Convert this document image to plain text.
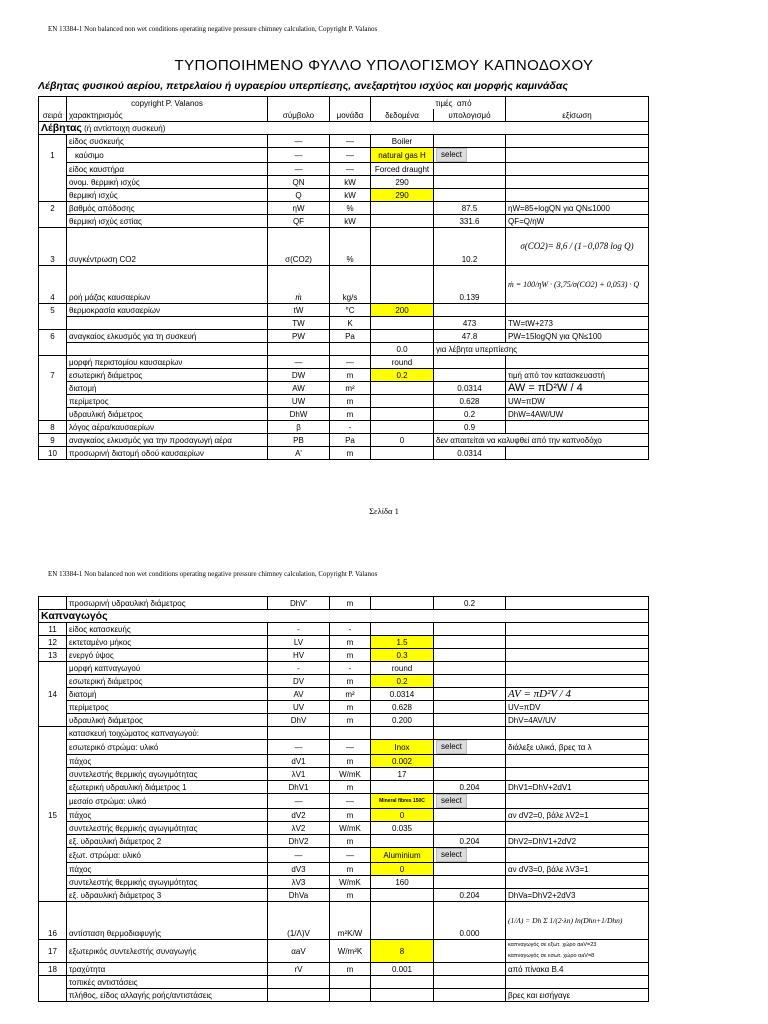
EN 13384-1 Non balanced non wet conditions operating negative pressure chimney calculation, Copyright P. Valanos
ΤΥΠΟΠΟΙΗΜΕΝΟ ΦΥΛΛΟ ΥΠΟΛΟΓΙΣΜΟΥ ΚΑΠΝΟΔΟΧΟΥ
Λέβητας φυσικού αερίου, πετρελαίου ή υγραερίου υπερπίεσης, ανεξαρτήτου ισχύος και μορφής καμινάδας
	copyright P. Valanos				τιμές από	
σειρά	χαρακτηρισμός	σύμβολο	μονάδα	δεδομένα	υπολογισμό	εξίσωση
Λέβητας (ή αντίστοιχη συσκευή)						
	είδος συσκευής	—	—	Boiler		
1	καύσιμο	—	—	natural gas H	select	
	είδος καυστήρα	—	—	Forced draught		
	ονομ. θερμική ισχύς	QN	kW	290		
	θερμική ισχύς	Q	kW	290		
2	βαθμός απόδοσης	ηW	%		87.5	ηW=85+logQN για QN≤1000
	θερμική ισχύς εστίας	QF	kW		331.6	QF=Q/ηW
3	συγκέντρωση CO2	σ(CO2)	%		10.2	σ(CO2)= 8,6 / (1−0,078 log Q)
4	ροή μάζας καυσαερίων	ṁ	kg/s		0.139	ṁ = 100/ηW · (3,75/σ(CO2) + 0,053) · Q
5	θερμοκρασία καυσαερίων	tW	°C	200		
		TW	K		473	TW=tW+273
6	αναγκαίος ελκυσμός για τη συσκευή	PW	Pa		47.8	PW=15logQN για QN≤100
				0.0	για λέβητα υπερπίεσης	
	μορφή περιστομίου καυσαερίων	—	—	round		
7	εσωτερική διάμετρος	DW	m	0.2		τιμή από τον κατασκευαστή
	διατομή	AW	m²		0.0314	AW = πD²W / 4
	περίμετρος	UW	m		0.628	UW=πDW
	υδραυλική διάμετρος	DhW	m		0.2	DhW=4AW/UW
8	λόγος αέρα/καυσαερίων	β	-		0.9	
9	αναγκαίος ελκυσμός για την προσαγωγή αέρα	PB	Pa	0	δεν απαιτείται να καλυφθεί από την καπνοδόχο	
10	προσωρινή διατομή οδού καυσαερίων	A'	m		0.0314	
Σελίδα 1
EN 13384-1 Non balanced non wet conditions operating negative pressure chimney calculation, Copyright P. Valanos
	προσωρινή υδραυλική διάμετρος	DhV'	m		0.2	
Καπναγωγός						
11	είδος κατασκευής	-	-			
12	εκτεταμένο μήκος	LV	m	1.5		
13	ενεργό ύψος	HV	m	0.3		
	μορφή καπναγωγού	-	-	round		
	εσωτερική διάμετρος	DV	m	0.2		
14	διατομή	AV	m²	0.0314		AV = πD²V / 4
	περίμετρος	UV	m	0.628		UV=πDV
	υδραυλική διάμετρος	DhV	m	0.200		DhV=4AV/UV
	κατασκευή τοιχώματος καπναγωγού:					
	εσωτερικό στρώμα: υλικό	—	—	Inox	select	διάλεξε υλικά, βρες τα λ
	πάχος	dV1	m	0.002		
	συντελεστής θερμικής αγωγιμότητας	λV1	W/mK	17		
	εξωτερική υδραυλική διάμετρος 1	DhV1	m		0.204	DhV1=DhV+2dV1
	μεσαίο στρώμα: υλικό	—	—	Mineral fibres 150C	select	
15	πάχος	dV2	m	0		αν dV2=0, βάλε λV2=1
	συντελεστής θερμικής αγωγιμότητας	λV2	W/mK	0.035		
	εξ. υδραυλική διάμετρος 2	DhV2	m		0.204	DhV2=DhV1+2dV2
	εξωτ. στρώμα: υλικό	—	—	Aluminium	select	
	πάχος	dV3	m	0		αν dV3=0, βάλε λV3=1
	συντελεστής θερμικής αγωγιμότητας	λV3	W/mK	160		
	εξ. υδραυλική διάμετρος 3	DhVa	m		0.204	DhVa=DhV2+2dV3
16	αντίσταση θερμοδιαφυγής	(1/Λ)V	m²K/W		0.000	(1/Λ) = Dh Σ 1/(2·λn) ln(Dhn+1/Dhn)
17	εξωτερικός συντελεστής συναγωγής	αaV	W/m²K	8		καπναγωγός σε εξωτ. χώρο αaV=23
καπναγωγός σε εσωτ. χώρο αaV=8

18	τραχύτητα	rV	m	0.001		από πίνακα B.4
	τοπικές αντιστάσεις					
	πλήθος, είδος αλλαγής ροής/αντιστάσεις					βρες και εισήγαγε
